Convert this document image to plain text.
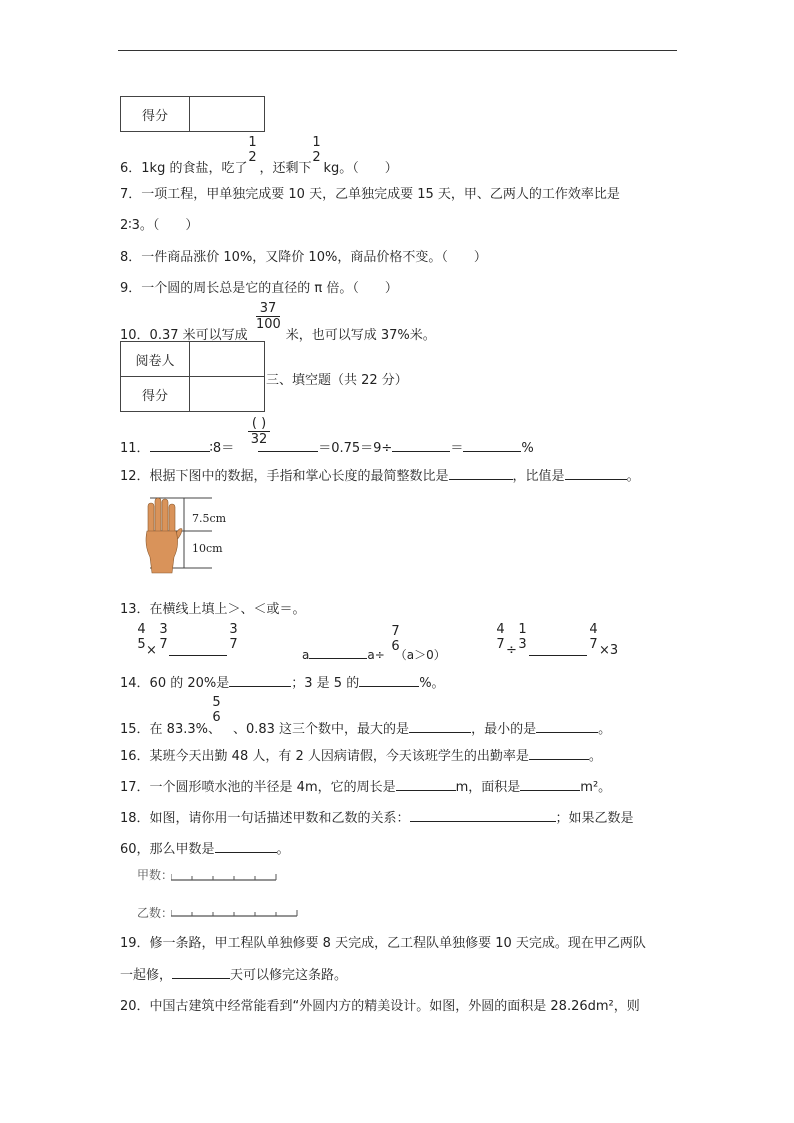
得分	
6．1kg 的食盐，吃了 ，还剩下 kg。（　　）
1
2
1
2
7．一项工程，甲单独完成要 10 天，乙单独完成要 15 天，甲、乙两人的工作效率比是
2∶3。（　　）
8．一件商品涨价 10%，又降价 10%，商品价格不变。（　　）
9．一个圆的周长总是它的直径的 π 倍。（　　）
10．0.37 米可以写成	米，也可以写成 37%米。
$\frac{37}{100}$
阅卷人	
得分	
三、填空题（共 22 分）
11．	∶8＝	＝0.75＝9÷	＝	%
( )
32
12．根据下图中的数据，手指和掌心长度的最简整数比是	，比值是	。
7.5cm
10cm
13．在横线上填上＞、＜或＝。
4
5 ×
3
7
3
7
a	a÷ （a＞0）
7
6
4
7 ÷
1
3
4
7 ×3
14．60 的 20%是	；3 是 5 的	%。
15．在 83.3%、 、0.83 这三个数中，最大的是	，最小的是	。
5
6
16．某班今天出勤 48 人，有 2 人因病请假，今天该班学生的出勤率是	。
17．一个圆形喷水池的半径是 4m，它的周长是	m，面积是	m²。
18．如图，请你用一句话描述甲数和乙数的关系：	；如果乙数是
60，那么甲数是	。
甲数：
乙数：
19．修一条路，甲工程队单独修要 8 天完成，乙工程队单独修要 10 天完成。现在甲乙两队
一起修，	天可以修完这条路。
20．中国古建筑中经常能看到“外圆内方的精美设计。如图，外圆的面积是 28.26dm²，则
